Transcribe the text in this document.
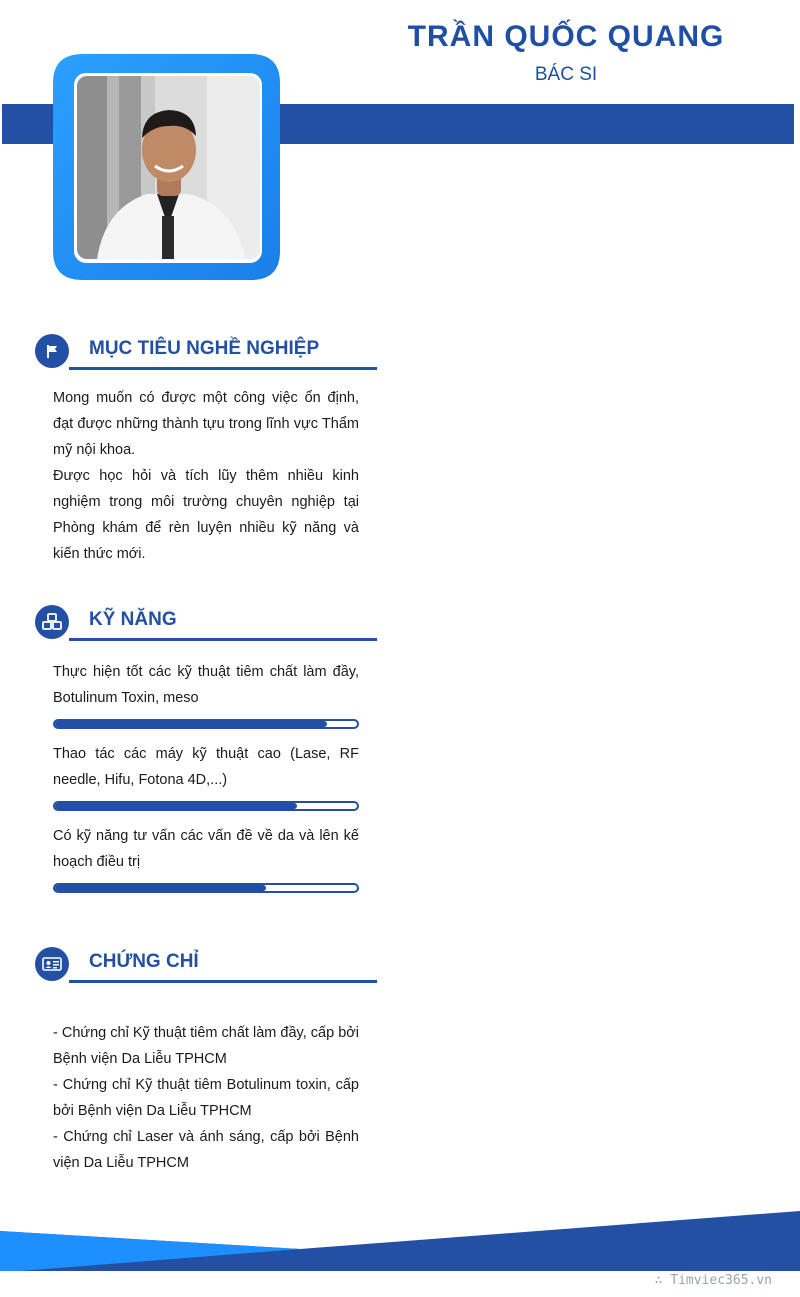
TRẦN QUỐC QUANG
BÁC SI
MỤC TIÊU NGHỀ NGHIỆP

Mong muốn có được một công việc ổn định, đạt được những thành tựu trong lĩnh vực Thẩm mỹ nội khoa.

Được học hỏi và tích lũy thêm nhiều kinh nghiệm trong môi trường chuyên nghiệp tại Phòng khám để rèn luyện nhiều kỹ năng và kiến thức mới.

KỸ NĂNG
Thực hiện tốt các kỹ thuật tiêm chất làm đầy, Botulinum Toxin, meso
Thao tác các máy kỹ thuật cao (Lase, RF needle, Hifu, Fotona 4D,...)
Có kỹ năng tư vấn các vấn đề về da và lên kế hoạch điều trị
CHỨNG CHỈ

- Chứng chỉ Kỹ thuật tiêm chất làm đầy, cấp bởi Bệnh viện Da Liễu TPHCM

- Chứng chỉ Kỹ thuật tiêm Botulinum toxin, cấp bởi Bệnh viện Da Liễu TPHCM

- Chứng chỉ Laser và ánh sáng, cấp bởi Bệnh viện Da Liễu TPHCM

∴ Timviec365.vn
